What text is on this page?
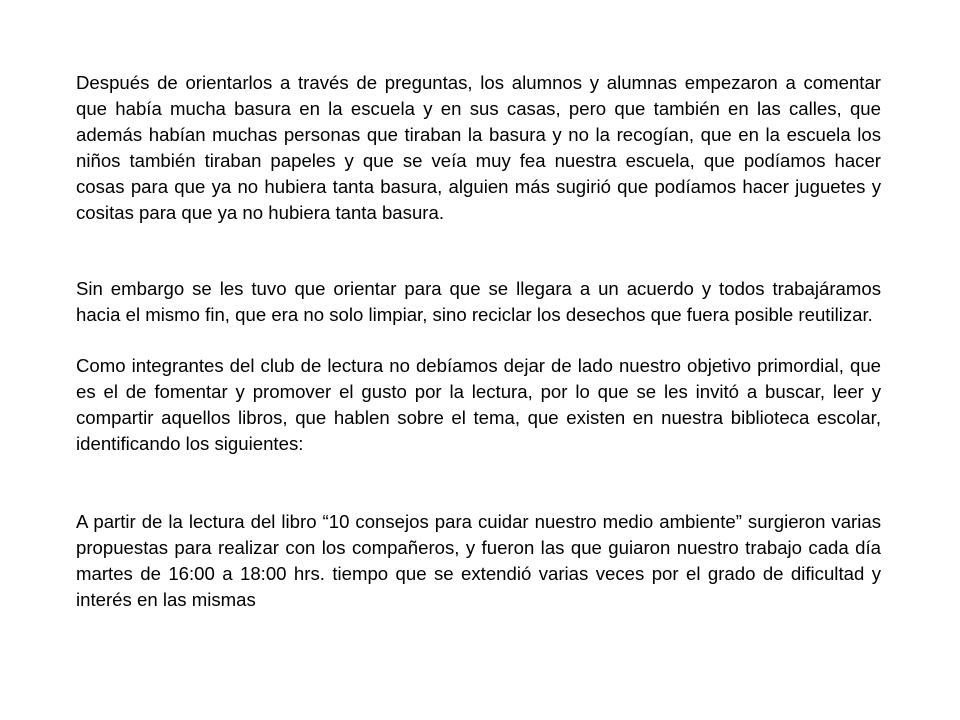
Después de orientarlos a través de preguntas, los alumnos y alumnas empezaron a comentar que había mucha basura en la escuela y en sus casas, pero que también en las calles, que además habían muchas personas que tiraban la basura y no la recogían, que en la escuela los niños también tiraban papeles y que se veía muy fea nuestra escuela, que podíamos hacer cosas para que ya no hubiera tanta basura, alguien más sugirió que podíamos hacer juguetes y cositas para que ya no hubiera tanta basura.

Sin embargo se les tuvo que orientar para que se llegara a un acuerdo y todos trabajáramos hacia el mismo fin, que era no solo limpiar, sino reciclar los desechos que fuera posible reutilizar.

Como integrantes del club de lectura no debíamos dejar de lado nuestro objetivo primordial, que es el de fomentar y promover el gusto por la lectura, por lo que se les invitó a buscar, leer y compartir aquellos libros, que hablen sobre el tema, que existen en nuestra biblioteca escolar, identificando los siguientes:

A partir de la lectura del libro “10 consejos para cuidar nuestro medio ambiente” surgieron varias propuestas para realizar con los compañeros, y fueron las que guiaron nuestro trabajo cada día martes de 16:00 a 18:00 hrs. tiempo que se extendió varias veces por el grado de dificultad y interés en las mismas
